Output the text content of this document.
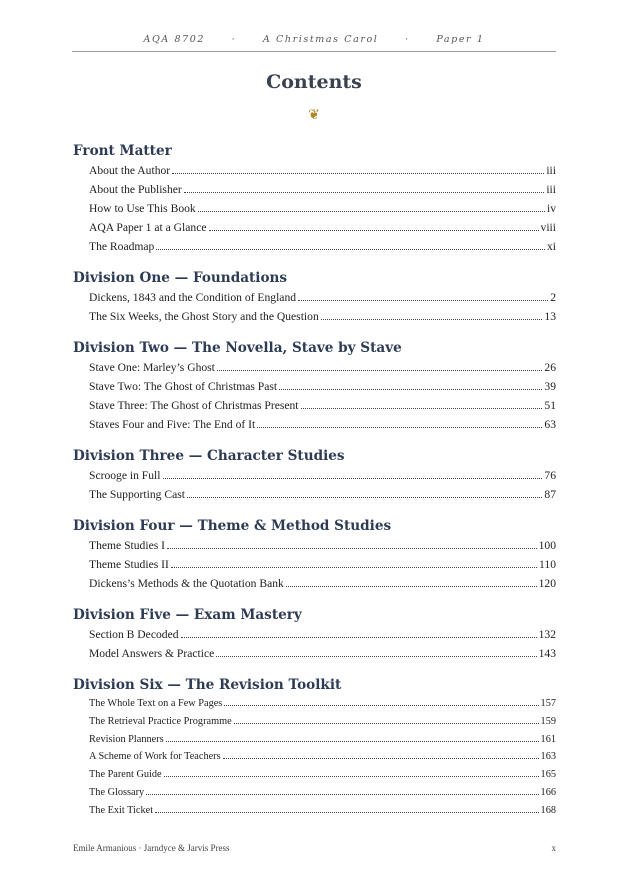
AQA 8702	·	A Christmas Carol	·	Paper 1
Contents
❦
Front Matter
About the Author	iii
About the Publisher	iii
How to Use This Book	iv
AQA Paper 1 at a Glance	viii
The Roadmap	xi
Division One — Foundations
Dickens, 1843 and the Condition of England	2
The Six Weeks, the Ghost Story and the Question	13
Division Two — The Novella, Stave by Stave
Stave One: Marley’s Ghost	26
Stave Two: The Ghost of Christmas Past	39
Stave Three: The Ghost of Christmas Present	51
Staves Four and Five: The End of It	63
Division Three — Character Studies
Scrooge in Full	76
The Supporting Cast	87
Division Four — Theme & Method Studies
Theme Studies I	100
Theme Studies II	110
Dickens’s Methods & the Quotation Bank	120
Division Five — Exam Mastery
Section B Decoded	132
Model Answers & Practice	143
Division Six — The Revision Toolkit
The Whole Text on a Few Pages	157
The Retrieval Practice Programme	159
Revision Planners	161
A Scheme of Work for Teachers	163
The Parent Guide	165
The Glossary	166
The Exit Ticket	168
Emile Armanious · Jarndyce & Jarvis Press	x
